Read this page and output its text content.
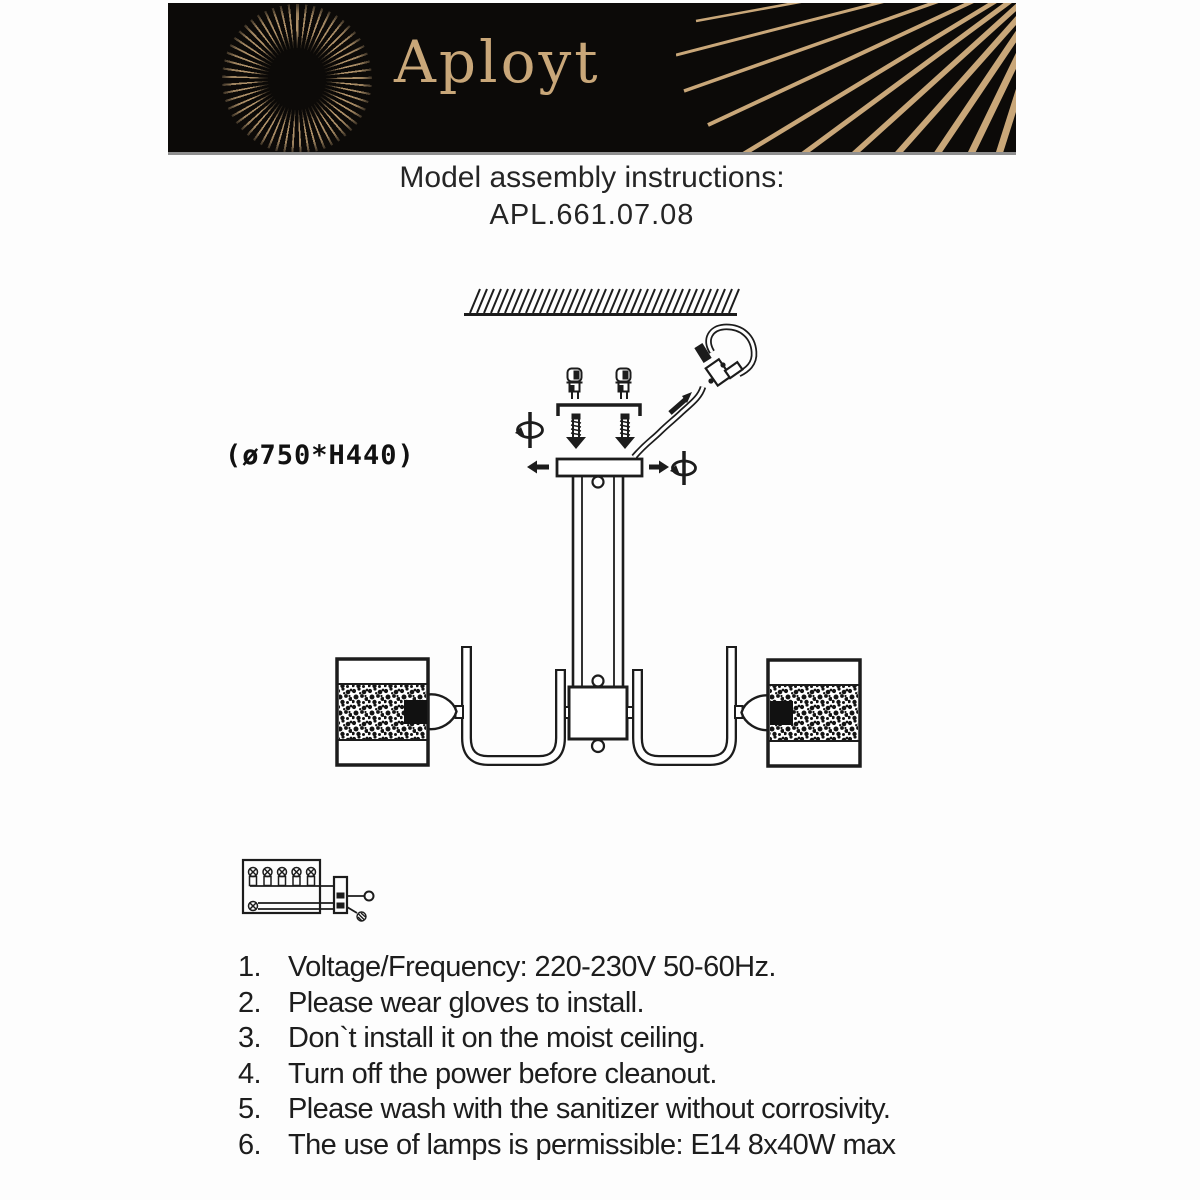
Aployt
Model assembly instructions:
APL.661.07.08
(ø750*H440)
1. Voltage/Frequency: 220-230V 50-60Hz.
2. Please wear gloves to install.
3. Don`t install it on the moist ceiling.
4. Turn off the power before cleanout.
5. Please wash with the sanitizer without corrosivity.
6. The use of lamps is permissible: E14 8x40W max
